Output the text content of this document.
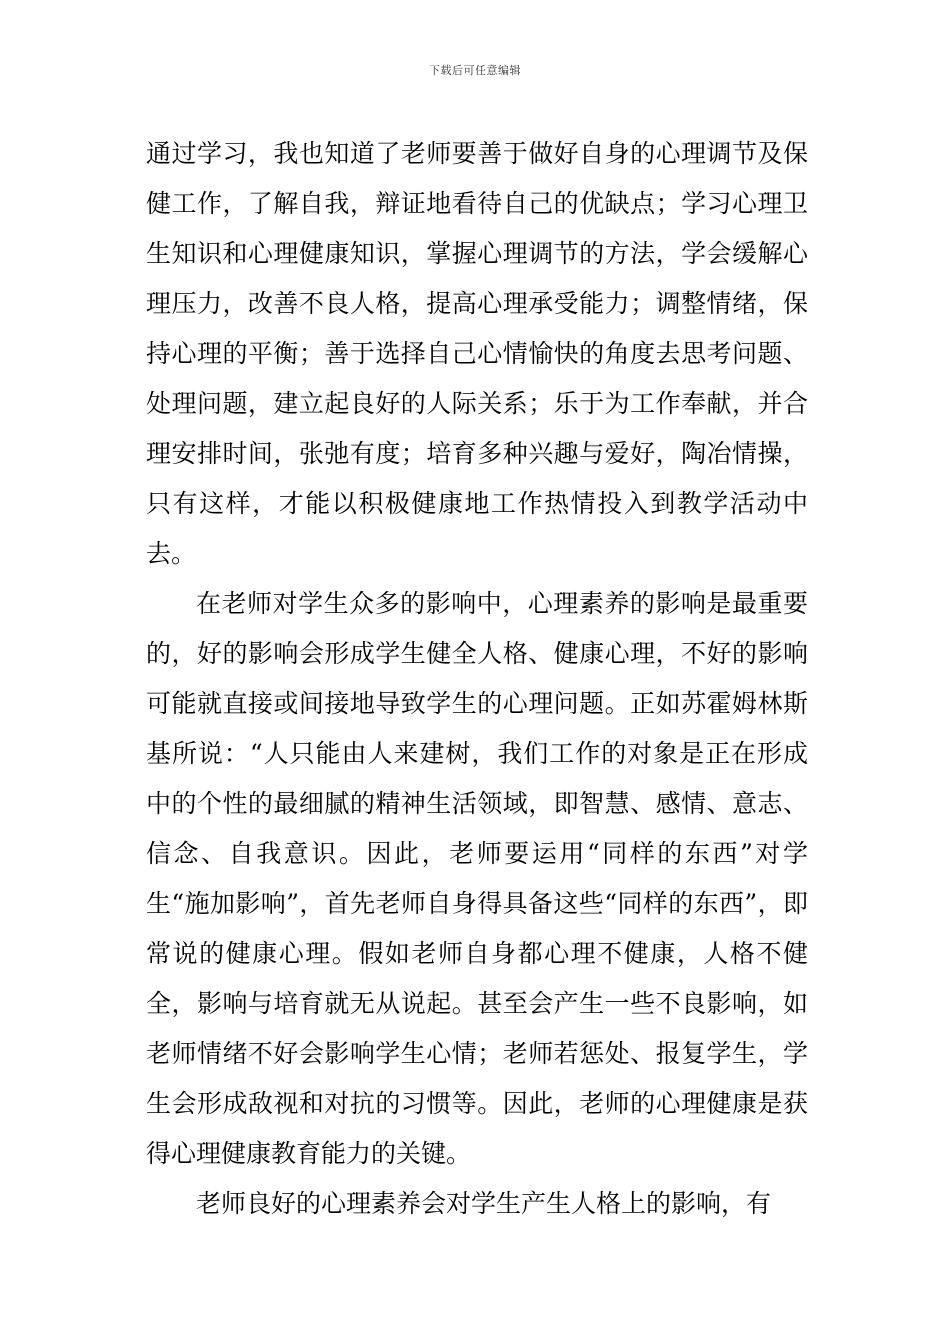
下载后可任意编辑

通过学习，我也知道了老师要善于做好自身的心理调节及保健工作，了解自我，辩证地看待自己的优缺点；学习心理卫生知识和心理健康知识，掌握心理调节的方法，学会缓解心理压力，改善不良人格，提高心理承受能力；调整情绪，保持心理的平衡；善于选择自己心情愉快的角度去思考问题、处理问题，建立起良好的人际关系；乐于为工作奉献，并合理安排时间，张弛有度；培育多种兴趣与爱好，陶冶情操，只有这样，才能以积极健康地工作热情投入到教学活动中去。

在老师对学生众多的影响中，心理素养的影响是最重要的，好的影响会形成学生健全人格、健康心理，不好的影响可能就直接或间接地导致学生的心理问题。正如苏霍姆林斯基所说：“人只能由人来建树，我们工作的对象是正在形成中的个性的最细腻的精神生活领域，即智慧、感情、意志、信念、自我意识。因此，老师要运用“同样的东西”对学生“施加影响”，首先老师自身得具备这些“同样的东西”，即常说的健康心理。假如老师自身都心理不健康，人格不健全，影响与培育就无从说起。甚至会产生一些不良影响，如老师情绪不好会影响学生心情；老师若惩处、报复学生，学生会形成敌视和对抗的习惯等。因此，老师的心理健康是获得心理健康教育能力的关键。

老师良好的心理素养会对学生产生人格上的影响，有
